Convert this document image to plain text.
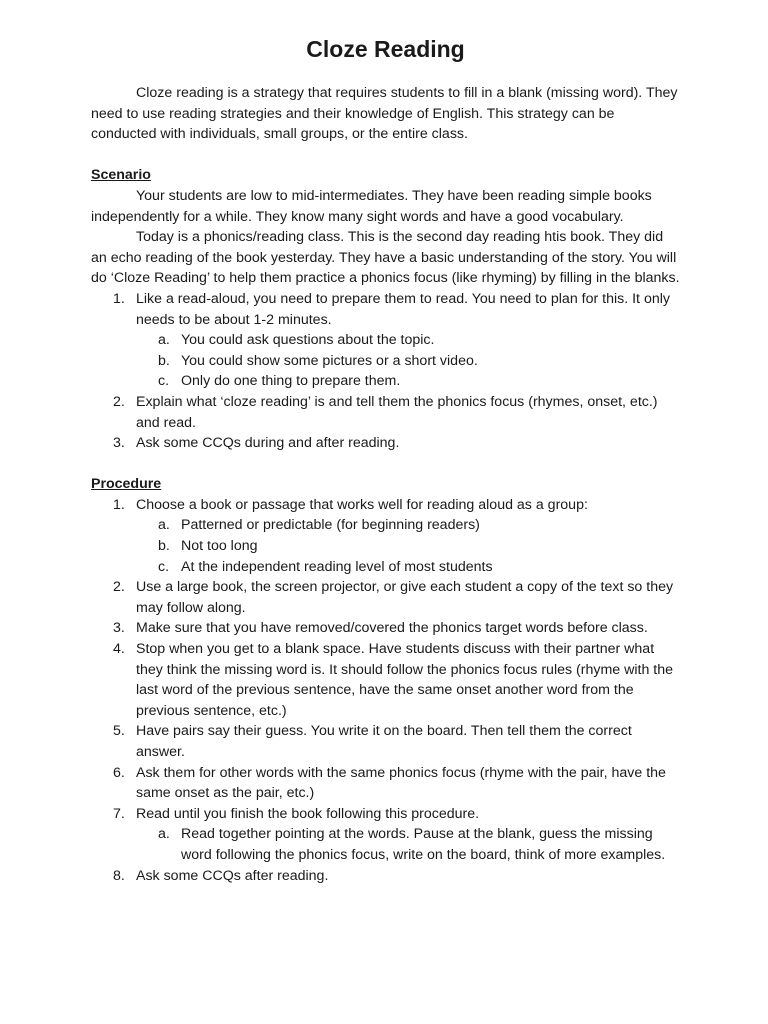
Cloze Reading

Cloze reading is a strategy that requires students to fill in a blank (missing word). They need to use reading strategies and their knowledge of English. This strategy can be conducted with individuals, small groups, or the entire class.

Scenario

Your students are low to mid-intermediates. They have been reading simple books independently for a while. They know many sight words and have a good vocabulary.

Today is a phonics/reading class. This is the second day reading htis book. They did an echo reading of the book yesterday. They have a basic understanding of the story. You will do ‘Cloze Reading’ to help them practice a phonics focus (like rhyming) by filling in the blanks.

1. Like a read-aloud, you need to prepare them to read. You need to plan for this. It only needs to be about 1-2 minutes.
a. You could ask questions about the topic.
b. You could show some pictures or a short video.
c. Only do one thing to prepare them.
2. Explain what ‘cloze reading’ is and tell them the phonics focus (rhymes, onset, etc.) and read.
3. Ask some CCQs during and after reading.

Procedure

1. Choose a book or passage that works well for reading aloud as a group:
a. Patterned or predictable (for beginning readers)
b. Not too long
c. At the independent reading level of most students
2. Use a large book, the screen projector, or give each student a copy of the text so they may follow along.
3. Make sure that you have removed/covered the phonics target words before class.
4. Stop when you get to a blank space. Have students discuss with their partner what they think the missing word is. It should follow the phonics focus rules (rhyme with the last word of the previous sentence, have the same onset another word from the previous sentence, etc.)
5. Have pairs say their guess. You write it on the board. Then tell them the correct answer.
6. Ask them for other words with the same phonics focus (rhyme with the pair, have the same onset as the pair, etc.)
7. Read until you finish the book following this procedure.
a. Read together pointing at the words. Pause at the blank, guess the missing word following the phonics focus, write on the board, think of more examples.
8. Ask some CCQs after reading.
